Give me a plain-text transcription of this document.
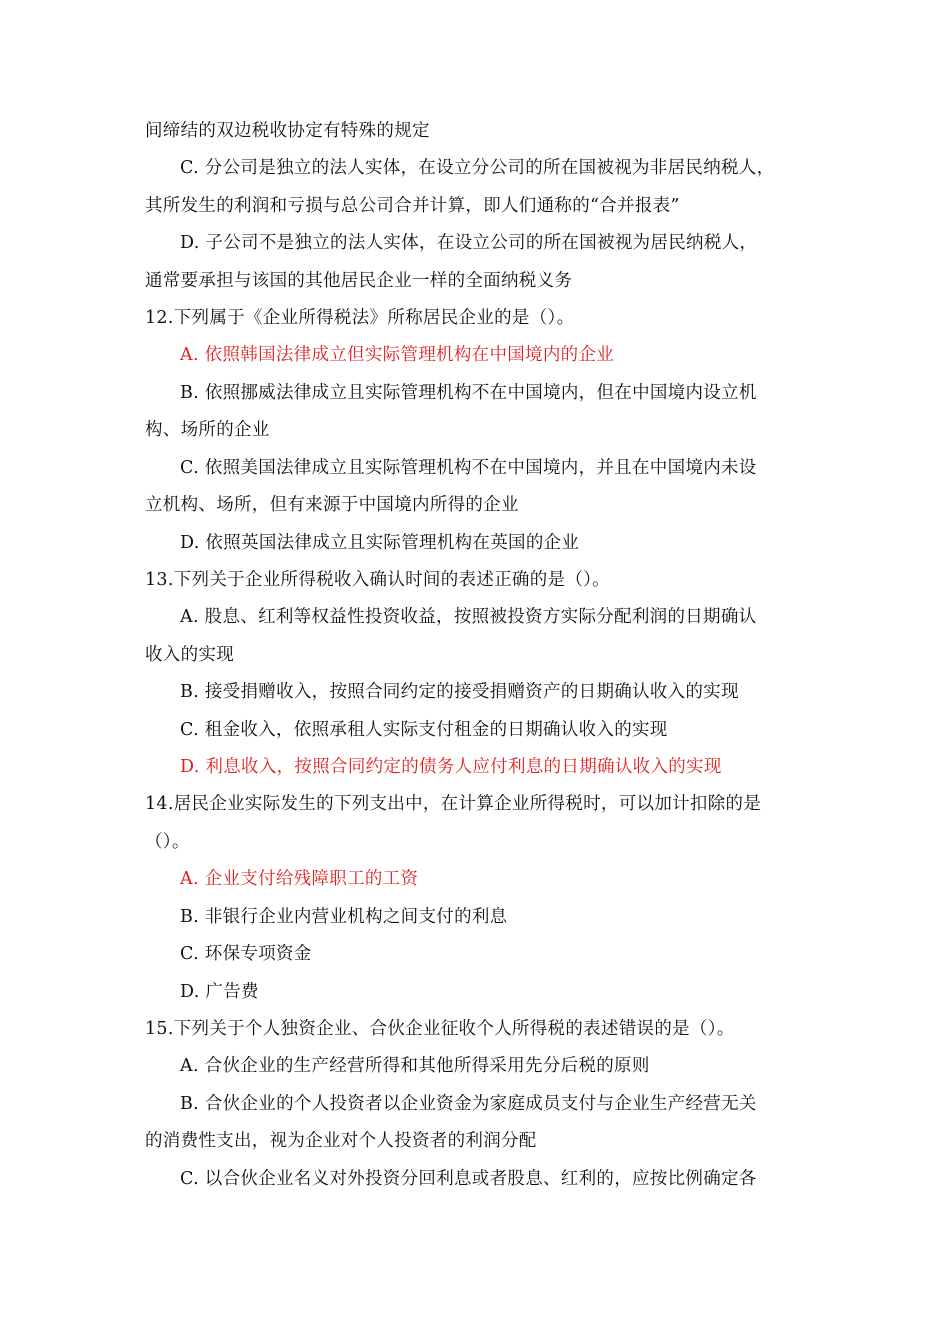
间缔结的双边税收协定有特殊的规定
C. 分公司是独立的法人实体，在设立分公司的所在国被视为非居民纳税人，
其所发生的利润和亏损与总公司合并计算，即人们通称的“合并报表”
D. 子公司不是独立的法人实体，在设立公司的所在国被视为居民纳税人，
通常要承担与该国的其他居民企业一样的全面纳税义务
12.下列属于《企业所得税法》所称居民企业的是（）。
A. 依照韩国法律成立但实际管理机构在中国境内的企业
B. 依照挪威法律成立且实际管理机构不在中国境内，但在中国境内设立机
构、场所的企业
C. 依照美国法律成立且实际管理机构不在中国境内，并且在中国境内未设
立机构、场所，但有来源于中国境内所得的企业
D. 依照英国法律成立且实际管理机构在英国的企业
13.下列关于企业所得税收入确认时间的表述正确的是（）。
A. 股息、红利等权益性投资收益，按照被投资方实际分配利润的日期确认
收入的实现
B. 接受捐赠收入，按照合同约定的接受捐赠资产的日期确认收入的实现
C. 租金收入，依照承租人实际支付租金的日期确认收入的实现
D. 利息收入，按照合同约定的债务人应付利息的日期确认收入的实现
14.居民企业实际发生的下列支出中，在计算企业所得税时，可以加计扣除的是
（）。
A. 企业支付给残障职工的工资
B. 非银行企业内营业机构之间支付的利息
C. 环保专项资金
D. 广告费
15.下列关于个人独资企业、合伙企业征收个人所得税的表述错误的是（）。
A. 合伙企业的生产经营所得和其他所得采用先分后税的原则
B. 合伙企业的个人投资者以企业资金为家庭成员支付与企业生产经营无关
的消费性支出，视为企业对个人投资者的利润分配
C. 以合伙企业名义对外投资分回利息或者股息、红利的，应按比例确定各
